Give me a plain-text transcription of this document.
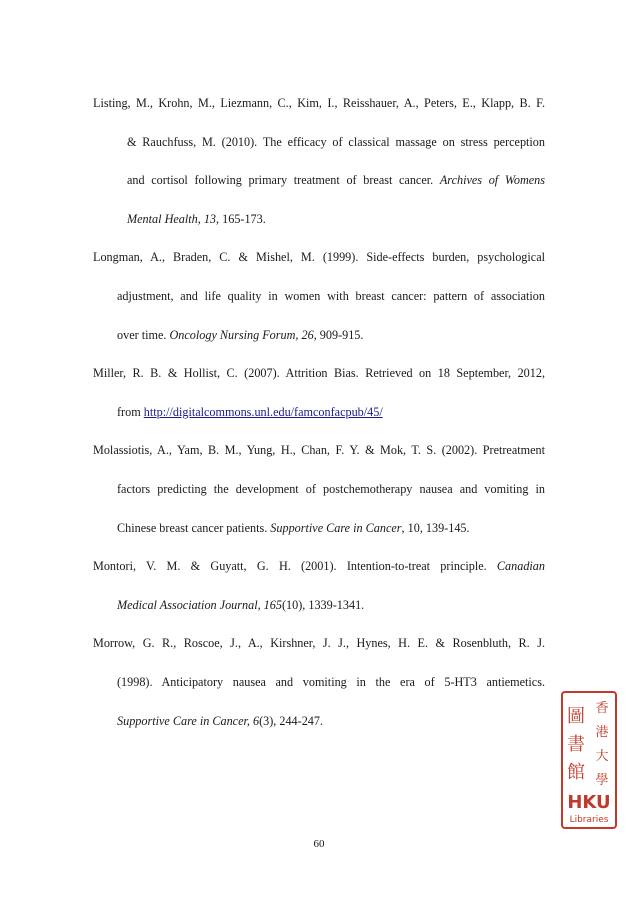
Listing, M., Krohn, M., Liezmann, C., Kim, I., Reisshauer, A., Peters, E., Klapp, B. F.
& Rauchfuss, M. (2010). The efficacy of classical massage on stress perception
and cortisol following primary treatment of breast cancer. Archives of Womens
Mental Health, 13, 165-173.
Longman, A., Braden, C. & Mishel, M. (1999). Side-effects burden, psychological
adjustment, and life quality in women with breast cancer: pattern of association
over time. Oncology Nursing Forum, 26, 909-915.
Miller, R. B. & Hollist, C. (2007). Attrition Bias. Retrieved on 18 September, 2012,
from http://digitalcommons.unl.edu/famconfacpub/45/
Molassiotis, A., Yam, B. M., Yung, H., Chan, F. Y. & Mok, T. S. (2002). Pretreatment
factors predicting the development of postchemotherapy nausea and vomiting in
Chinese breast cancer patients. Supportive Care in Cancer, 10, 139-145.
Montori, V. M. & Guyatt, G. H. (2001). Intention-to-treat principle. Canadian
Medical Association Journal, 165(10), 1339-1341.
Morrow, G. R., Roscoe, J., A., Kirshner, J. J., Hynes, H. E. & Rosenbluth, R. J.
(1998). Anticipatory nausea and vomiting in the era of 5-HT3 antiemetics.
Supportive Care in Cancer, 6(3), 244-247.
60
香
港
大
學
圖
書
館
HKU
Libraries
